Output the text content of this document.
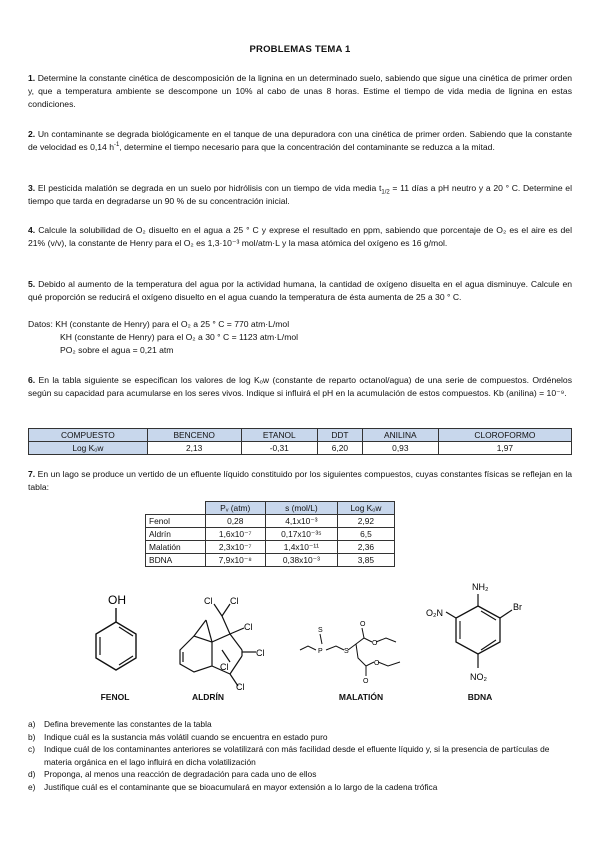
PROBLEMAS TEMA 1
1. Determine la constante cinética de descomposición de la lignina en un determinado suelo, sabiendo que sigue una cinética de primer orden y, que a temperatura ambiente se descompone un 10% al cabo de unas 8 horas. Estime el tiempo de vida media de lignina en estas condiciones.
2. Un contaminante se degrada biológicamente en el tanque de una depuradora con una cinética de primer orden. Sabiendo que la constante de velocidad es 0,14 $h^{-1}$, determine el tiempo necesario para que la concentración del contaminante se reduzca a la mitad.
3. El pesticida malatión se degrada en un suelo por hidrólisis con un tiempo de vida media $t_{1/2} = 11$ días a pH neutro y a 20 ° C. Determine el tiempo que tarda en degradarse un 90 % de su concentración inicial.
4. Calcule la solubilidad de O₂ disuelto en el agua a 25 ° C y exprese el resultado en ppm, sabiendo que porcentaje de O₂ es el aire es del 21% (v/v), la constante de Henry para el O₂ es 1,3·10⁻³ mol/atm·L y la masa atómica del oxígeno es 16 g/mol.
5. Debido al aumento de la temperatura del agua por la actividad humana, la cantidad de oxígeno disuelta en el agua disminuye. Calcule en qué proporción se reducirá el oxígeno disuelto en el agua cuando la temperatura de ésta aumenta de 25 a 30 ° C.
Datos: KH (constante de Henry) para el O₂ a 25 ° C = 770 atm·L/mol
KH (constante de Henry) para el O₂ a 30 ° C = 1123 atm·L/mol
PO₂ sobre el agua = 0,21 atm
6. En la tabla siguiente se especifican los valores de log Kₒw (constante de reparto octanol/agua) de una serie de compuestos. Ordénelos según su capacidad para acumularse en los seres vivos. Indique si influirá el pH en la acumulación de estos compuestos. Kb (anilina) = 10⁻⁹.
COMPUESTO	BENCENO	ETANOL	DDT	ANILINA	CLOROFORMO
Log Kₒw	2,13	-0,31	6,20	0,93	1,97
7. En un lago se produce un vertido de un efluente líquido constituido por los siguientes compuestos, cuyas constantes físicas se reflejan en la tabla:
	Pᵥ (atm)	s (mol/L)	Log Kₒw
Fenol	0,28	4,1x10⁻³	2,92
Aldrín	1,6x10⁻⁷	0,17x10⁻³⁵	6,5
Malatión	2,3x10⁻⁷	1,4x10⁻¹¹	2,36
BDNA	7,9x10⁻⁸	0,38x10⁻³	3,85
OH
FENOL
Cl
Cl
Cl
Cl
Cl
Cl
ALDRÍN
S
P	S
O
O
O
O
MALATIÓN
NH₂
Br
O₂N
NO₂
BDNA
a)	Defina brevemente las constantes de la tabla
b)	Indique cuál es la sustancia más volátil cuando se encuentra en estado puro
c)	Indique cuál de los contaminantes anteriores se volatilizará con más facilidad desde el efluente líquido y, si la presencia de partículas de materia orgánica en el lago influirá en dicha volatilización
d)	Proponga, al menos una reacción de degradación para cada uno de ellos
e)	Justifique cuál es el contaminante que se bioacumulará en mayor extensión a lo largo de la cadena trófica
